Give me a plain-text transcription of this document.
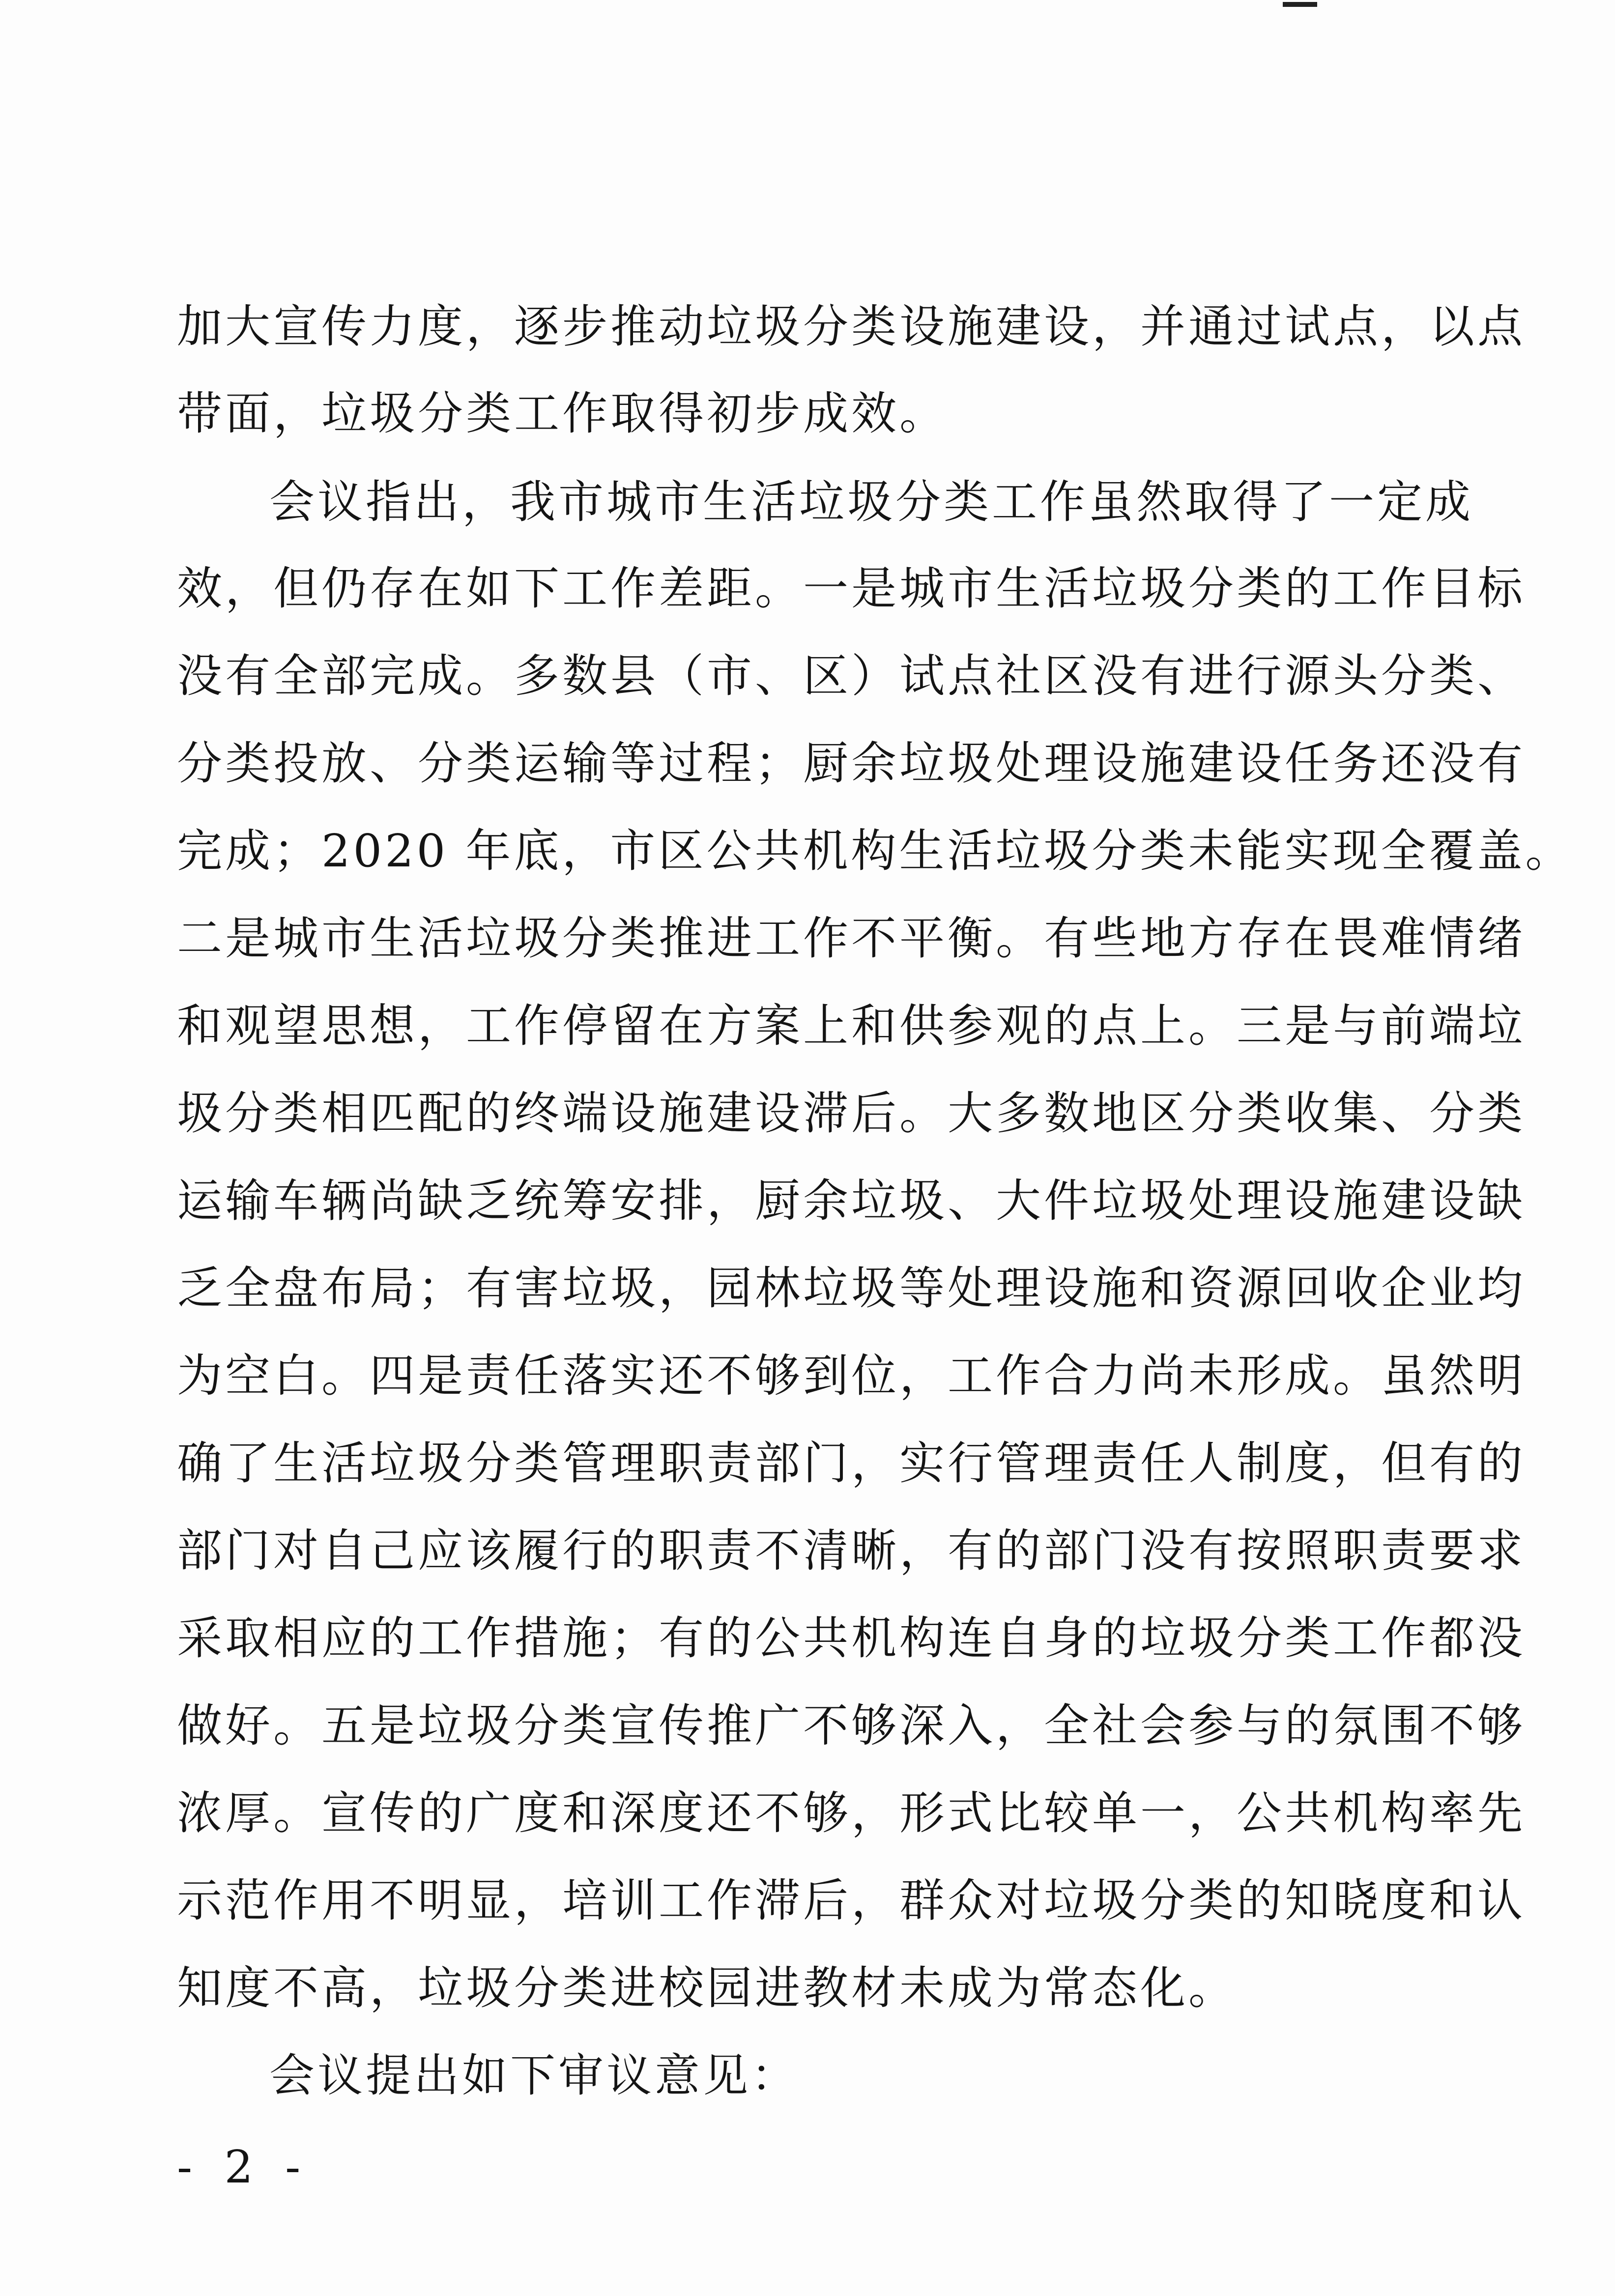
加大宣传力度，逐步推动垃圾分类设施建设，并通过试点，以点
带面，垃圾分类工作取得初步成效。
会议指出，我市城市生活垃圾分类工作虽然取得了一定成
效，但仍存在如下工作差距。一是城市生活垃圾分类的工作目标
没有全部完成。多数县（市、区）试点社区没有进行源头分类、
分类投放、分类运输等过程；厨余垃圾处理设施建设任务还没有
完成；2020 年底，市区公共机构生活垃圾分类未能实现全覆盖。
二是城市生活垃圾分类推进工作不平衡。有些地方存在畏难情绪
和观望思想，工作停留在方案上和供参观的点上。三是与前端垃
圾分类相匹配的终端设施建设滞后。大多数地区分类收集、分类
运输车辆尚缺乏统筹安排，厨余垃圾、大件垃圾处理设施建设缺
乏全盘布局；有害垃圾，园林垃圾等处理设施和资源回收企业均
为空白。四是责任落实还不够到位，工作合力尚未形成。虽然明
确了生活垃圾分类管理职责部门，实行管理责任人制度，但有的
部门对自己应该履行的职责不清晰，有的部门没有按照职责要求
采取相应的工作措施；有的公共机构连自身的垃圾分类工作都没
做好。五是垃圾分类宣传推广不够深入，全社会参与的氛围不够
浓厚。宣传的广度和深度还不够，形式比较单一，公共机构率先
示范作用不明显，培训工作滞后，群众对垃圾分类的知晓度和认
知度不高，垃圾分类进校园进教材未成为常态化。
会议提出如下审议意见：
- 2 -
